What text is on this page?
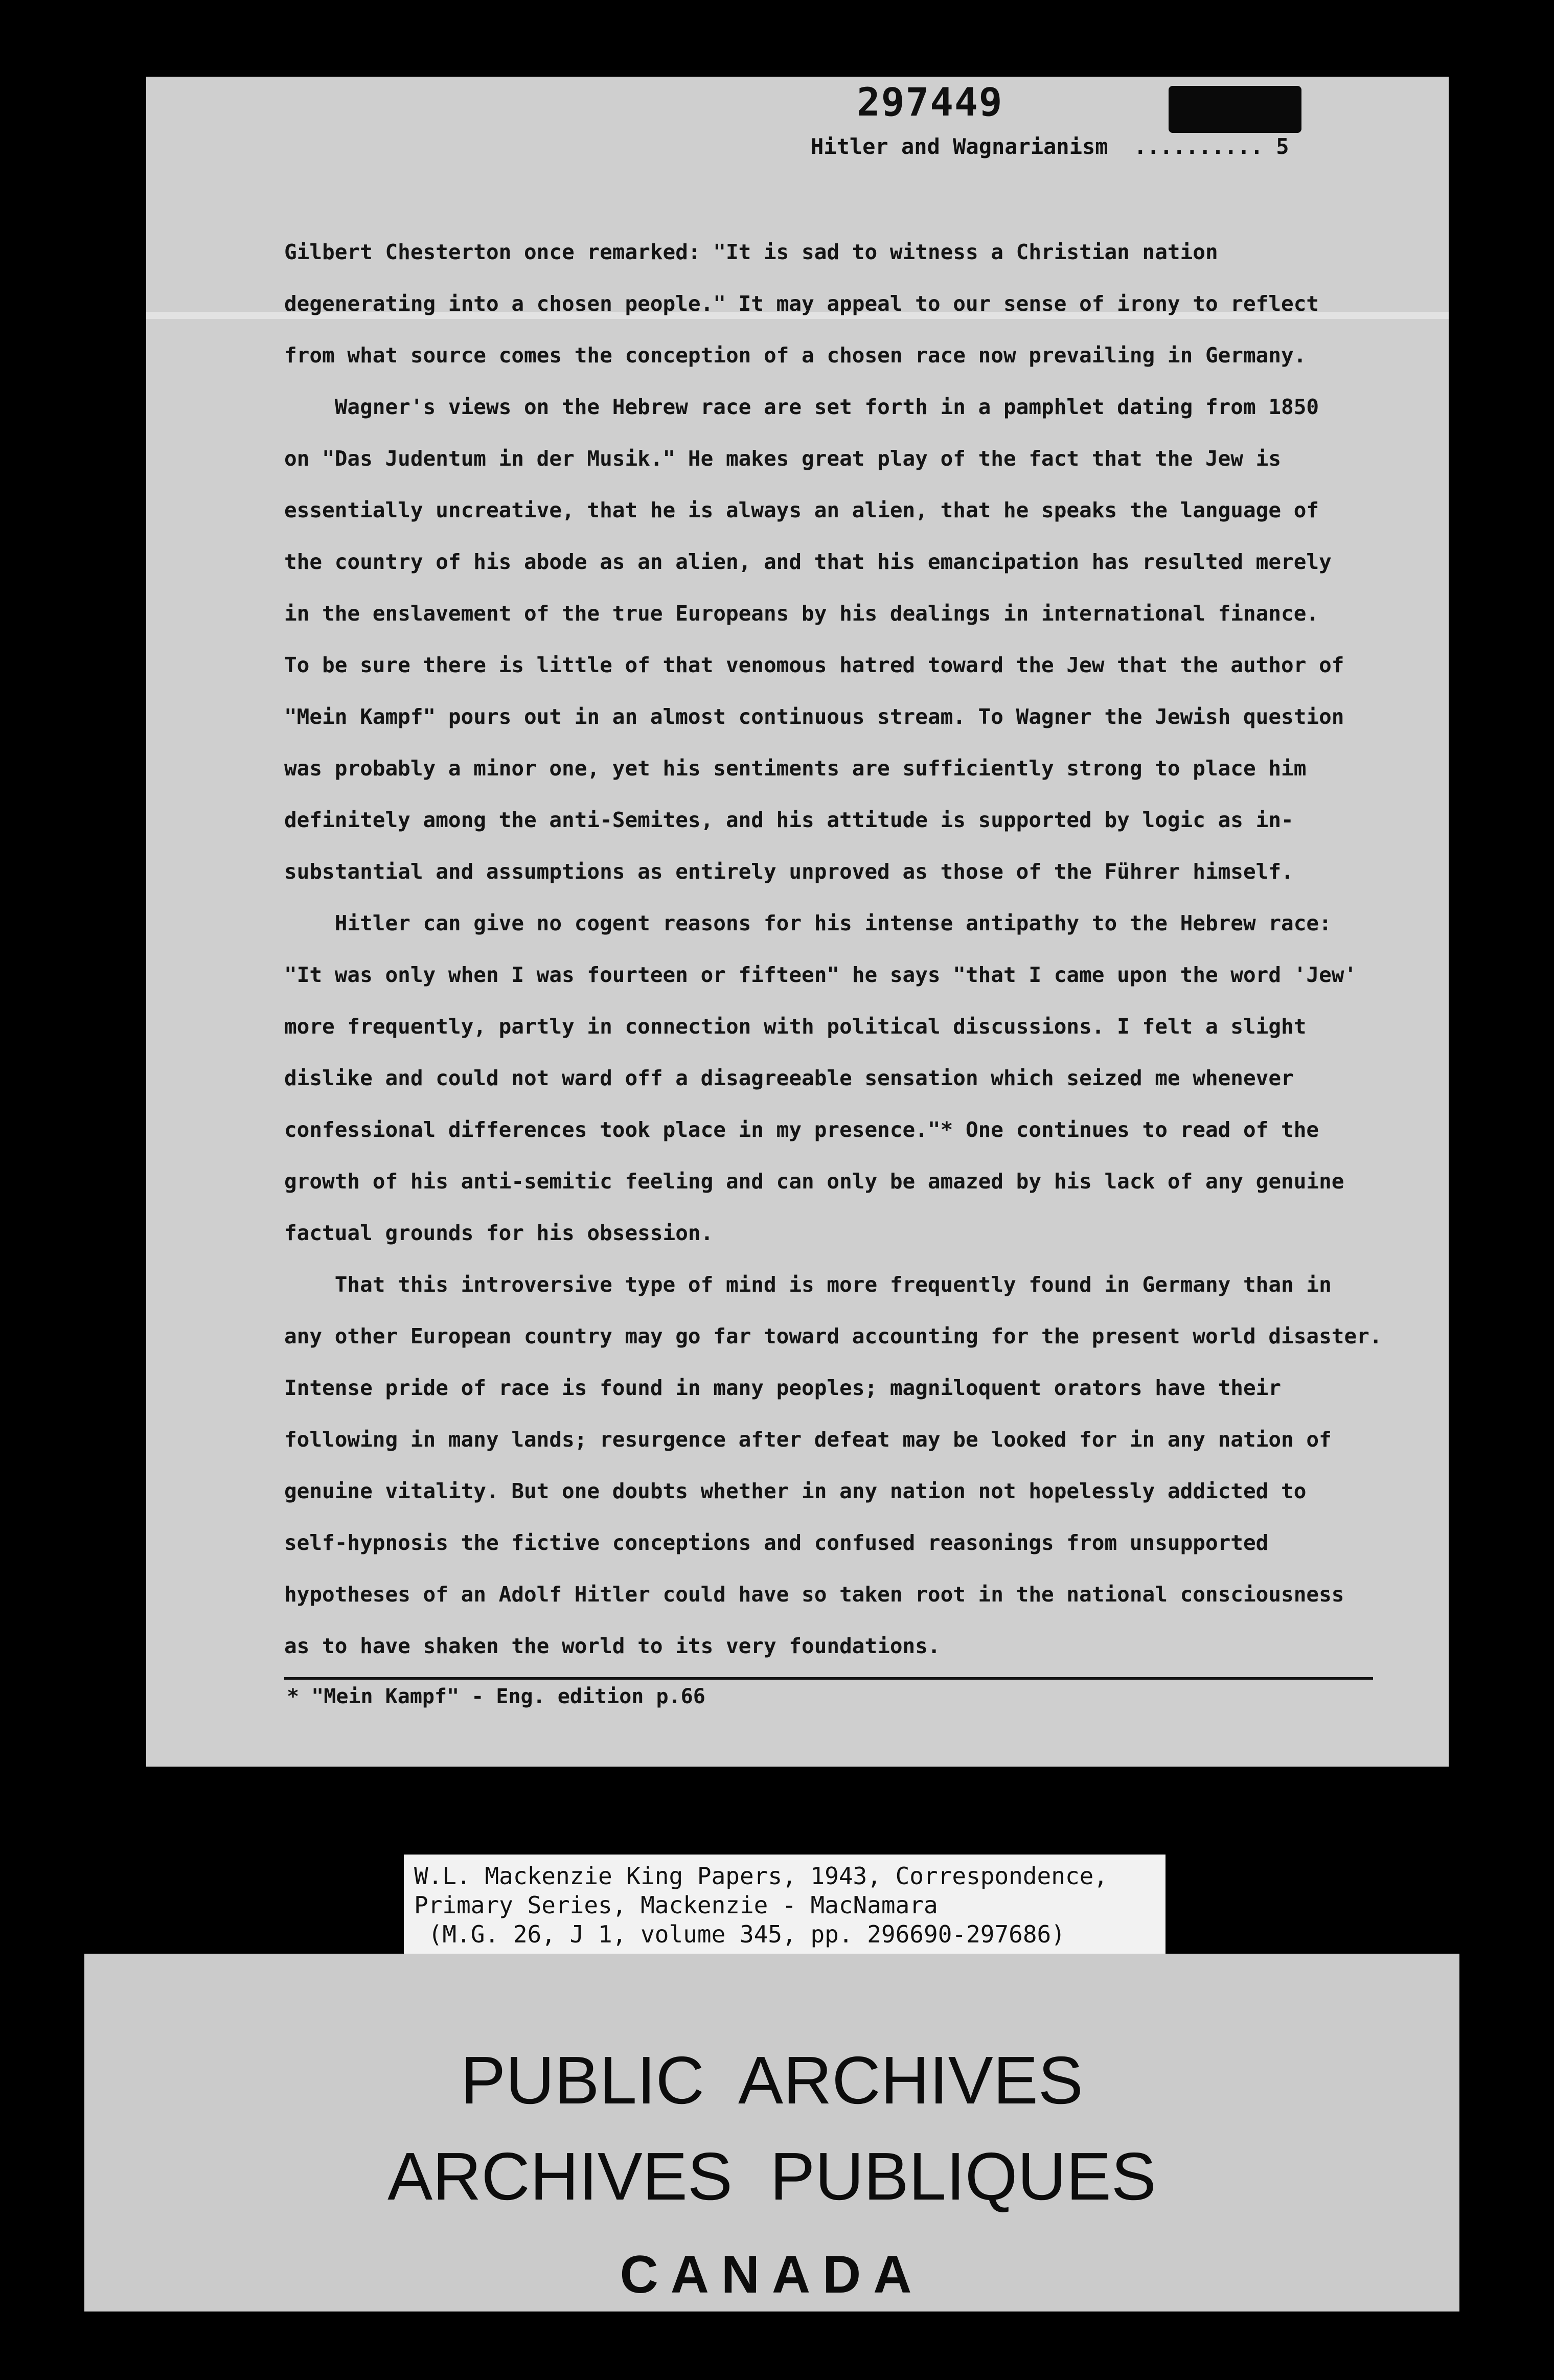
297449
Hitler and Wagnarianism  .......... 5
Gilbert Chesterton once remarked: "It is sad to witness a Christian nation
degenerating into a chosen people." It may appeal to our sense of irony to reflect
from what source comes the conception of a chosen race now prevailing in Germany.
Wagner's views on the Hebrew race are set forth in a pamphlet dating from 1850
on "Das Judentum in der Musik." He makes great play of the fact that the Jew is
essentially uncreative, that he is always an alien, that he speaks the language of
the country of his abode as an alien, and that his emancipation has resulted merely
in the enslavement of the true Europeans by his dealings in international finance.
To be sure there is little of that venomous hatred toward the Jew that the author of
"Mein Kampf" pours out in an almost continuous stream. To Wagner the Jewish question
was probably a minor one, yet his sentiments are sufficiently strong to place him
definitely among the anti-Semites, and his attitude is supported by logic as in-
substantial and assumptions as entirely unproved as those of the Führer himself.
Hitler can give no cogent reasons for his intense antipathy to the Hebrew race:
"It was only when I was fourteen or fifteen" he says "that I came upon the word 'Jew'
more frequently, partly in connection with political discussions. I felt a slight
dislike and could not ward off a disagreeable sensation which seized me whenever
confessional differences took place in my presence."* One continues to read of the
growth of his anti-semitic feeling and can only be amazed by his lack of any genuine
factual grounds for his obsession.
That this introversive type of mind is more frequently found in Germany than in
any other European country may go far toward accounting for the present world disaster.
Intense pride of race is found in many peoples; magniloquent orators have their
following in many lands; resurgence after defeat may be looked for in any nation of
genuine vitality. But one doubts whether in any nation not hopelessly addicted to
self-hypnosis the fictive conceptions and confused reasonings from unsupported
hypotheses of an Adolf Hitler could have so taken root in the national consciousness
as to have shaken the world to its very foundations.
* "Mein Kampf" - Eng. edition p.66
W.L. Mackenzie King Papers, 1943, Correspondence,
Primary Series, Mackenzie - MacNamara
(M.G. 26, J 1, volume 345, pp. 296690-297686)
PUBLIC  ARCHIVES
ARCHIVES  PUBLIQUES
CANADA
